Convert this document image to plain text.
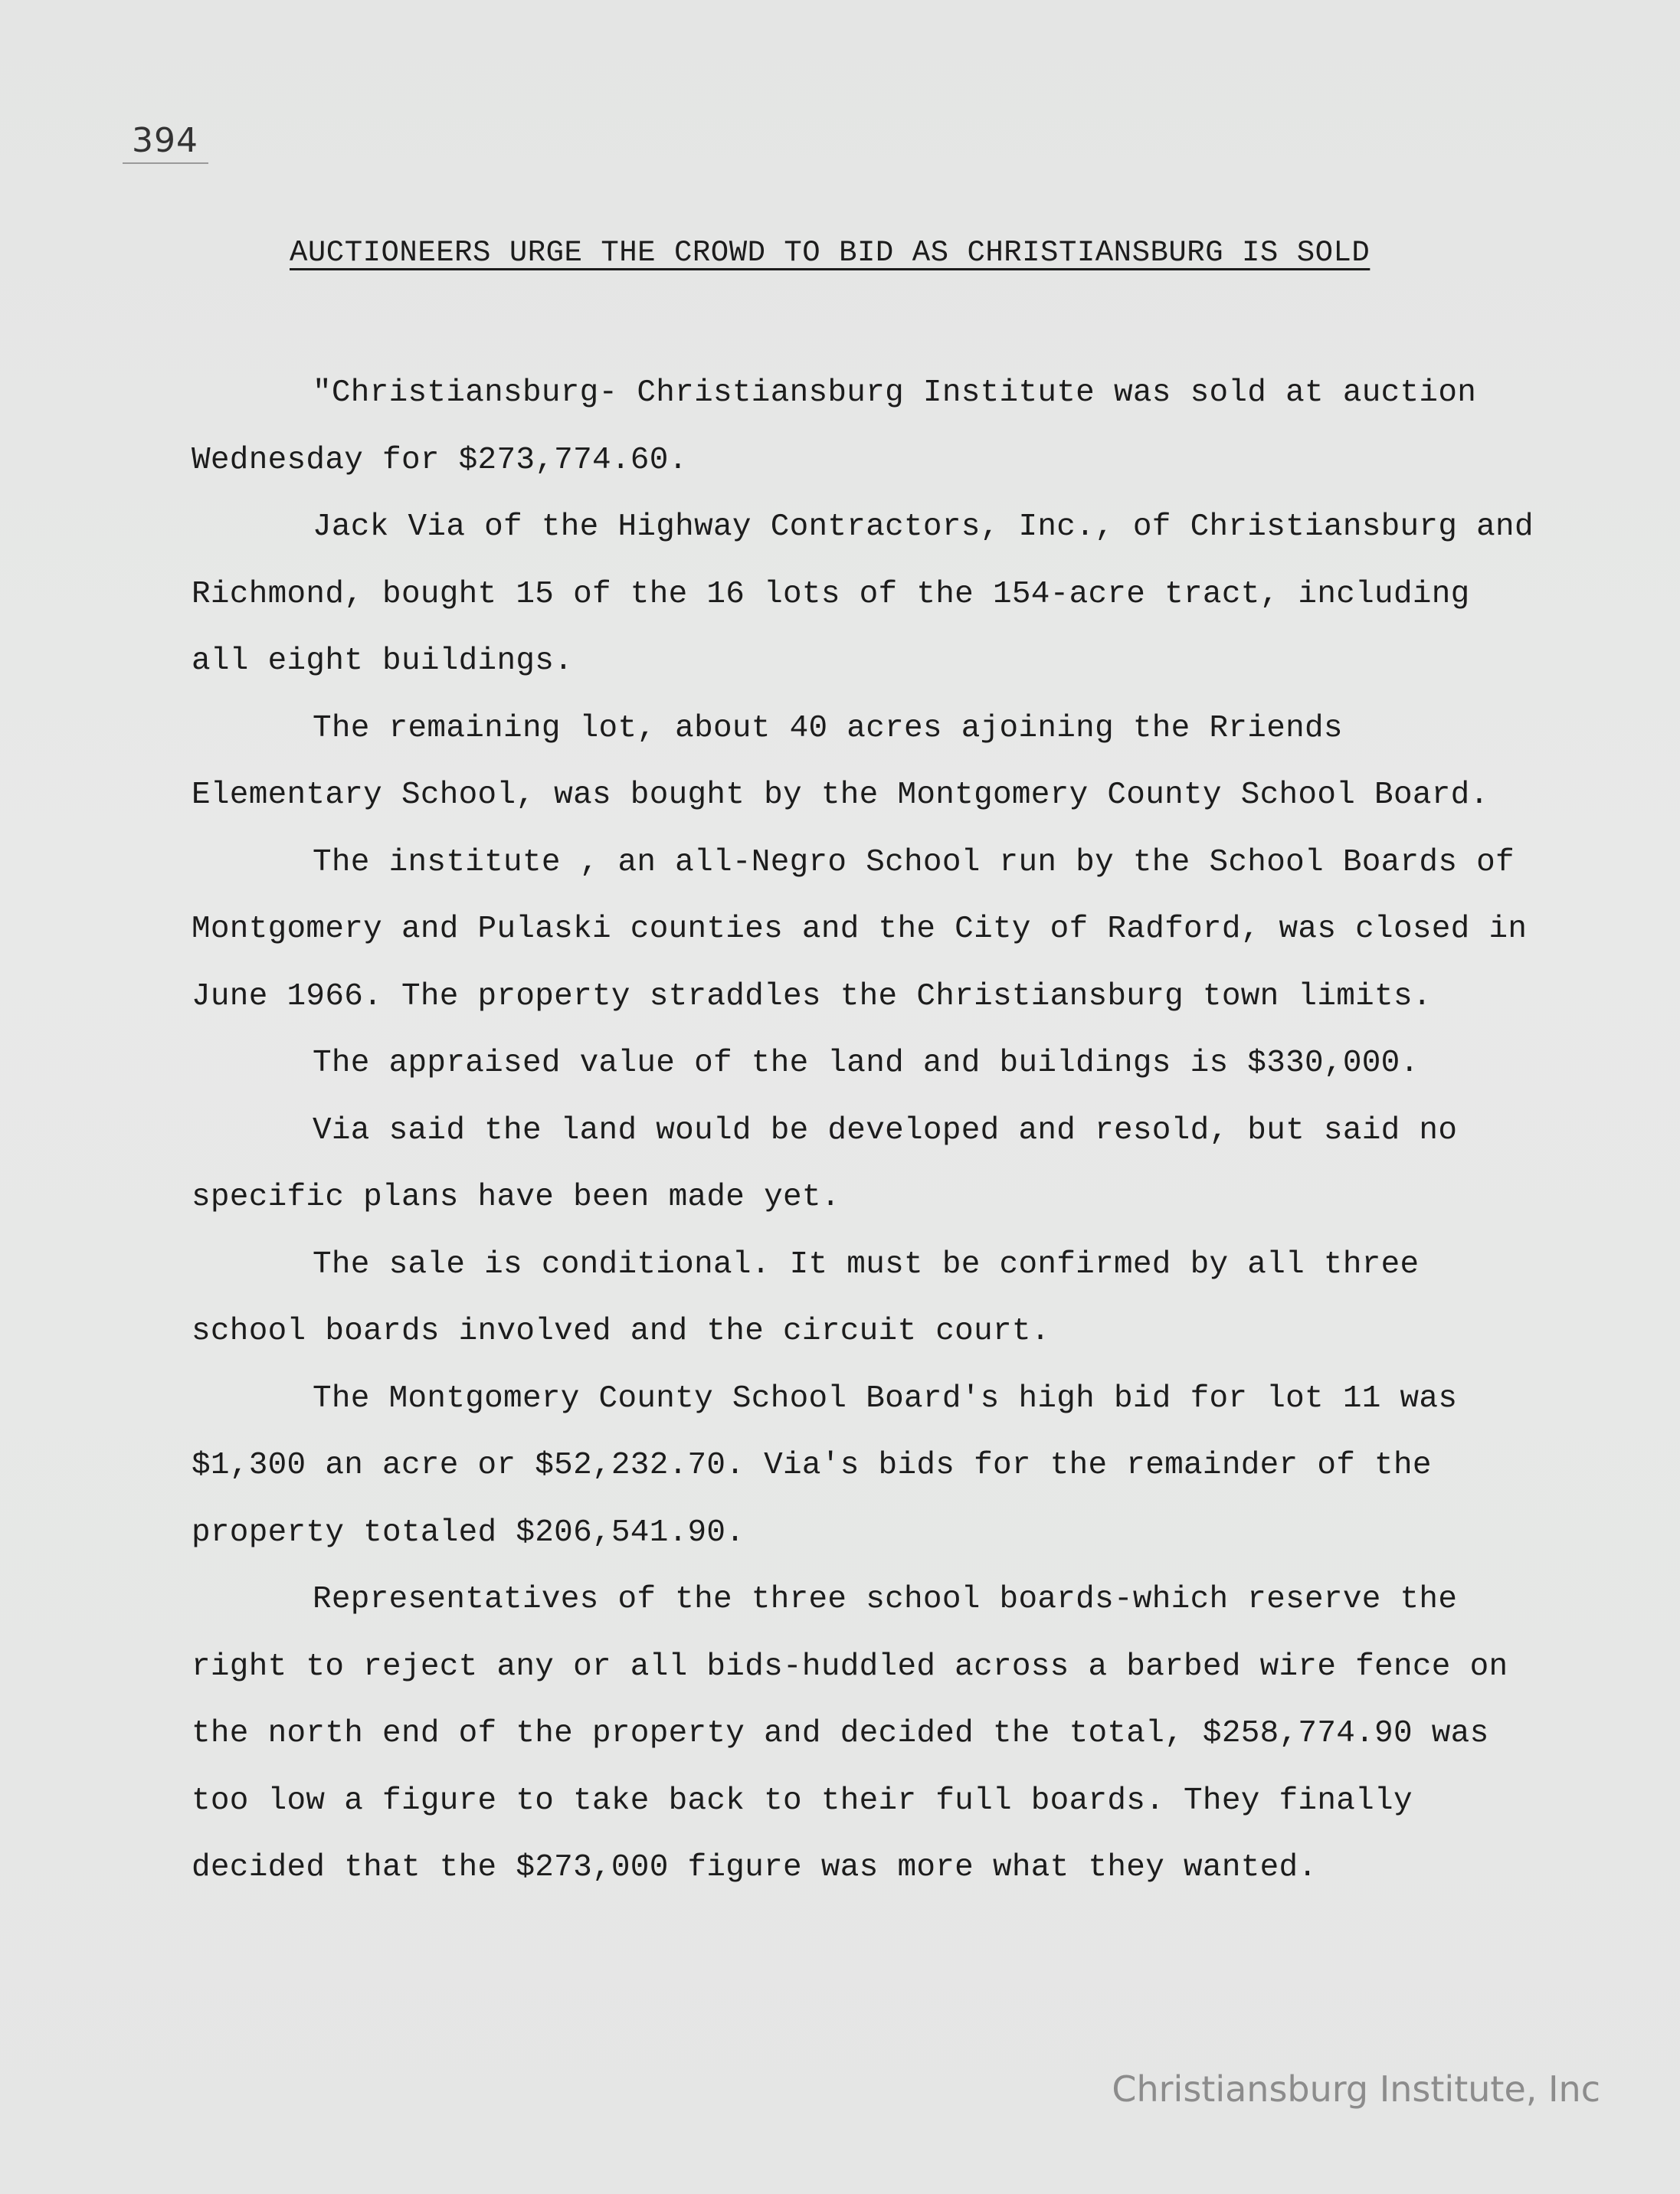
394
AUCTIONEERS URGE THE CROWD TO BID AS CHRISTIANSBURG IS SOLD

"Christiansburg- Christiansburg Institute was sold at auction Wednesday for $273,774.60.

Jack Via of the Highway Contractors, Inc., of Christiansburg and Richmond, bought 15 of the 16 lots of the 154-acre tract, including all eight buildings.

The remaining lot, about 40 acres ajoining the Rriends Elementary School, was bought by the Montgomery County School Board.

The institute , an all-Negro School run by the School Boards of Montgomery and Pulaski counties and the City of Radford, was closed in June 1966. The property straddles the Christiansburg town limits.

The appraised value of the land and buildings is $330,000.

Via said the land would be developed and resold, but said no specific plans have been made yet.

The sale is conditional. It must be confirmed by all three school boards involved and the circuit court.

The Montgomery County School Board's high bid for lot 11 was $1,300 an acre or $52,232.70. Via's bids for the remainder of the property totaled $206,541.90.

Representatives of the three school boards-which reserve the right to reject any or all bids-huddled across a barbed wire fence on the north end of the property and decided the total, $258,774.90 was too low a figure to take back to their full boards. They finally decided that the $273,000 figure was more what they wanted.

Christiansburg Institute, Inc
